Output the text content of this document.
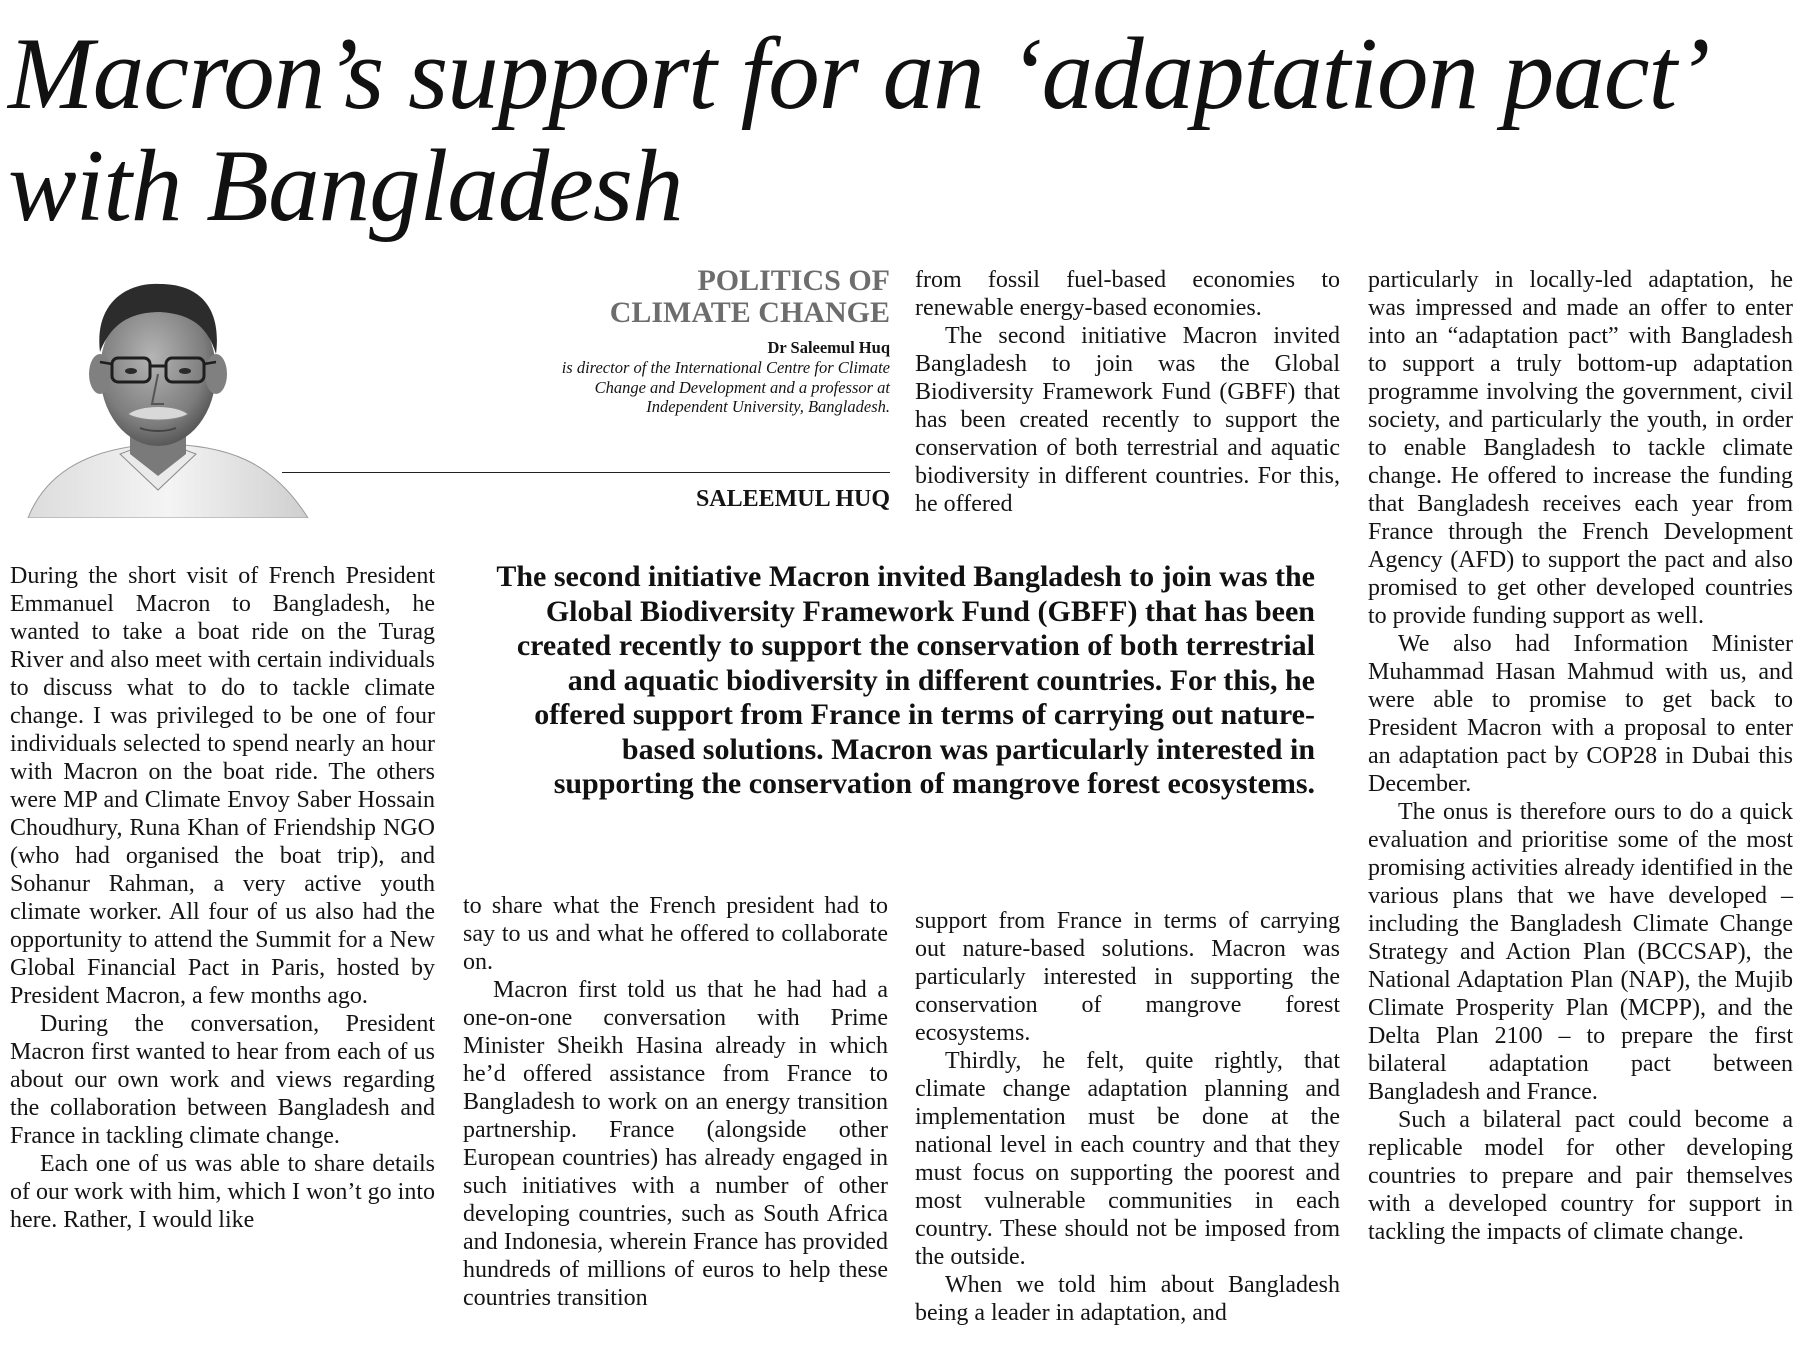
Macron’s support for an ‘adaptation pact’ with Bangladesh
POLITICS OF CLIMATE CHANGE
Dr Saleemul Huq
is director of the International Centre for Climate Change and Development and a professor at Independent University, Bangladesh.
SALEEMUL HUQ

During the short visit of French President Emmanuel Macron to Bangladesh, he wanted to take a boat ride on the Turag River and also meet with certain individuals to discuss what to do to tackle climate change. I was privileged to be one of four individuals selected to spend nearly an hour with Macron on the boat ride. The others were MP and Climate Envoy Saber Hossain Choudhury, Runa Khan of Friendship NGO (who had organised the boat trip), and Sohanur Rahman, a very active youth climate worker. All four of us also had the opportunity to attend the Summit for a New Global Financial Pact in Paris, hosted by President Macron, a few months ago.

During the conversation, President Macron first wanted to hear from each of us about our own work and views regarding the collaboration between Bangladesh and France in tackling climate change.

Each one of us was able to share details of our work with him, which I won’t go into here. Rather, I would like

The second initiative Macron invited Bangladesh to join was the Global Biodiversity Framework Fund (GBFF) that has been created recently to support the conservation of both terrestrial and aquatic biodiversity in different countries. For this, he offered support from France in terms of carrying out nature-based solutions. Macron was particularly interested in supporting the conservation of mangrove forest ecosystems.

to share what the French president had to say to us and what he offered to collaborate on.

Macron first told us that he had had a one-on-one conversation with Prime Minister Sheikh Hasina already in which he’d offered assistance from France to Bangladesh to work on an energy transition partnership. France (alongside other European countries) has already engaged in such initiatives with a number of other developing countries, such as South Africa and Indonesia, wherein France has provided hundreds of millions of euros to help these countries transition

from fossil fuel-based economies to renewable energy-based economies.

The second initiative Macron invited Bangladesh to join was the Global Biodiversity Framework Fund (GBFF) that has been created recently to support the conservation of both terrestrial and aquatic biodiversity in different countries. For this, he offered

support from France in terms of carrying out nature-based solutions. Macron was particularly interested in supporting the conservation of mangrove forest ecosystems.

Thirdly, he felt, quite rightly, that climate change adaptation planning and implementation must be done at the national level in each country and that they must focus on supporting the poorest and most vulnerable communities in each country. These should not be imposed from the outside.

When we told him about Bangladesh being a leader in adaptation, and

particularly in locally-led adaptation, he was impressed and made an offer to enter into an “adaptation pact” with Bangladesh to support a truly bottom-up adaptation programme involving the government, civil society, and particularly the youth, in order to enable Bangladesh to tackle climate change. He offered to increase the funding that Bangladesh receives each year from France through the French Development Agency (AFD) to support the pact and also promised to get other developed countries to provide funding support as well.

We also had Information Minister Muhammad Hasan Mahmud with us, and were able to promise to get back to President Macron with a proposal to enter an adaptation pact by COP28 in Dubai this December.

The onus is therefore ours to do a quick evaluation and prioritise some of the most promising activities already identified in the various plans that we have developed – including the Bangladesh Climate Change Strategy and Action Plan (BCCSAP), the National Adaptation Plan (NAP), the Mujib Climate Prosperity Plan (MCPP), and the Delta Plan 2100 – to prepare the first bilateral adaptation pact between Bangladesh and France.

Such a bilateral pact could become a replicable model for other developing countries to prepare and pair themselves with a developed country for support in tackling the impacts of climate change.
